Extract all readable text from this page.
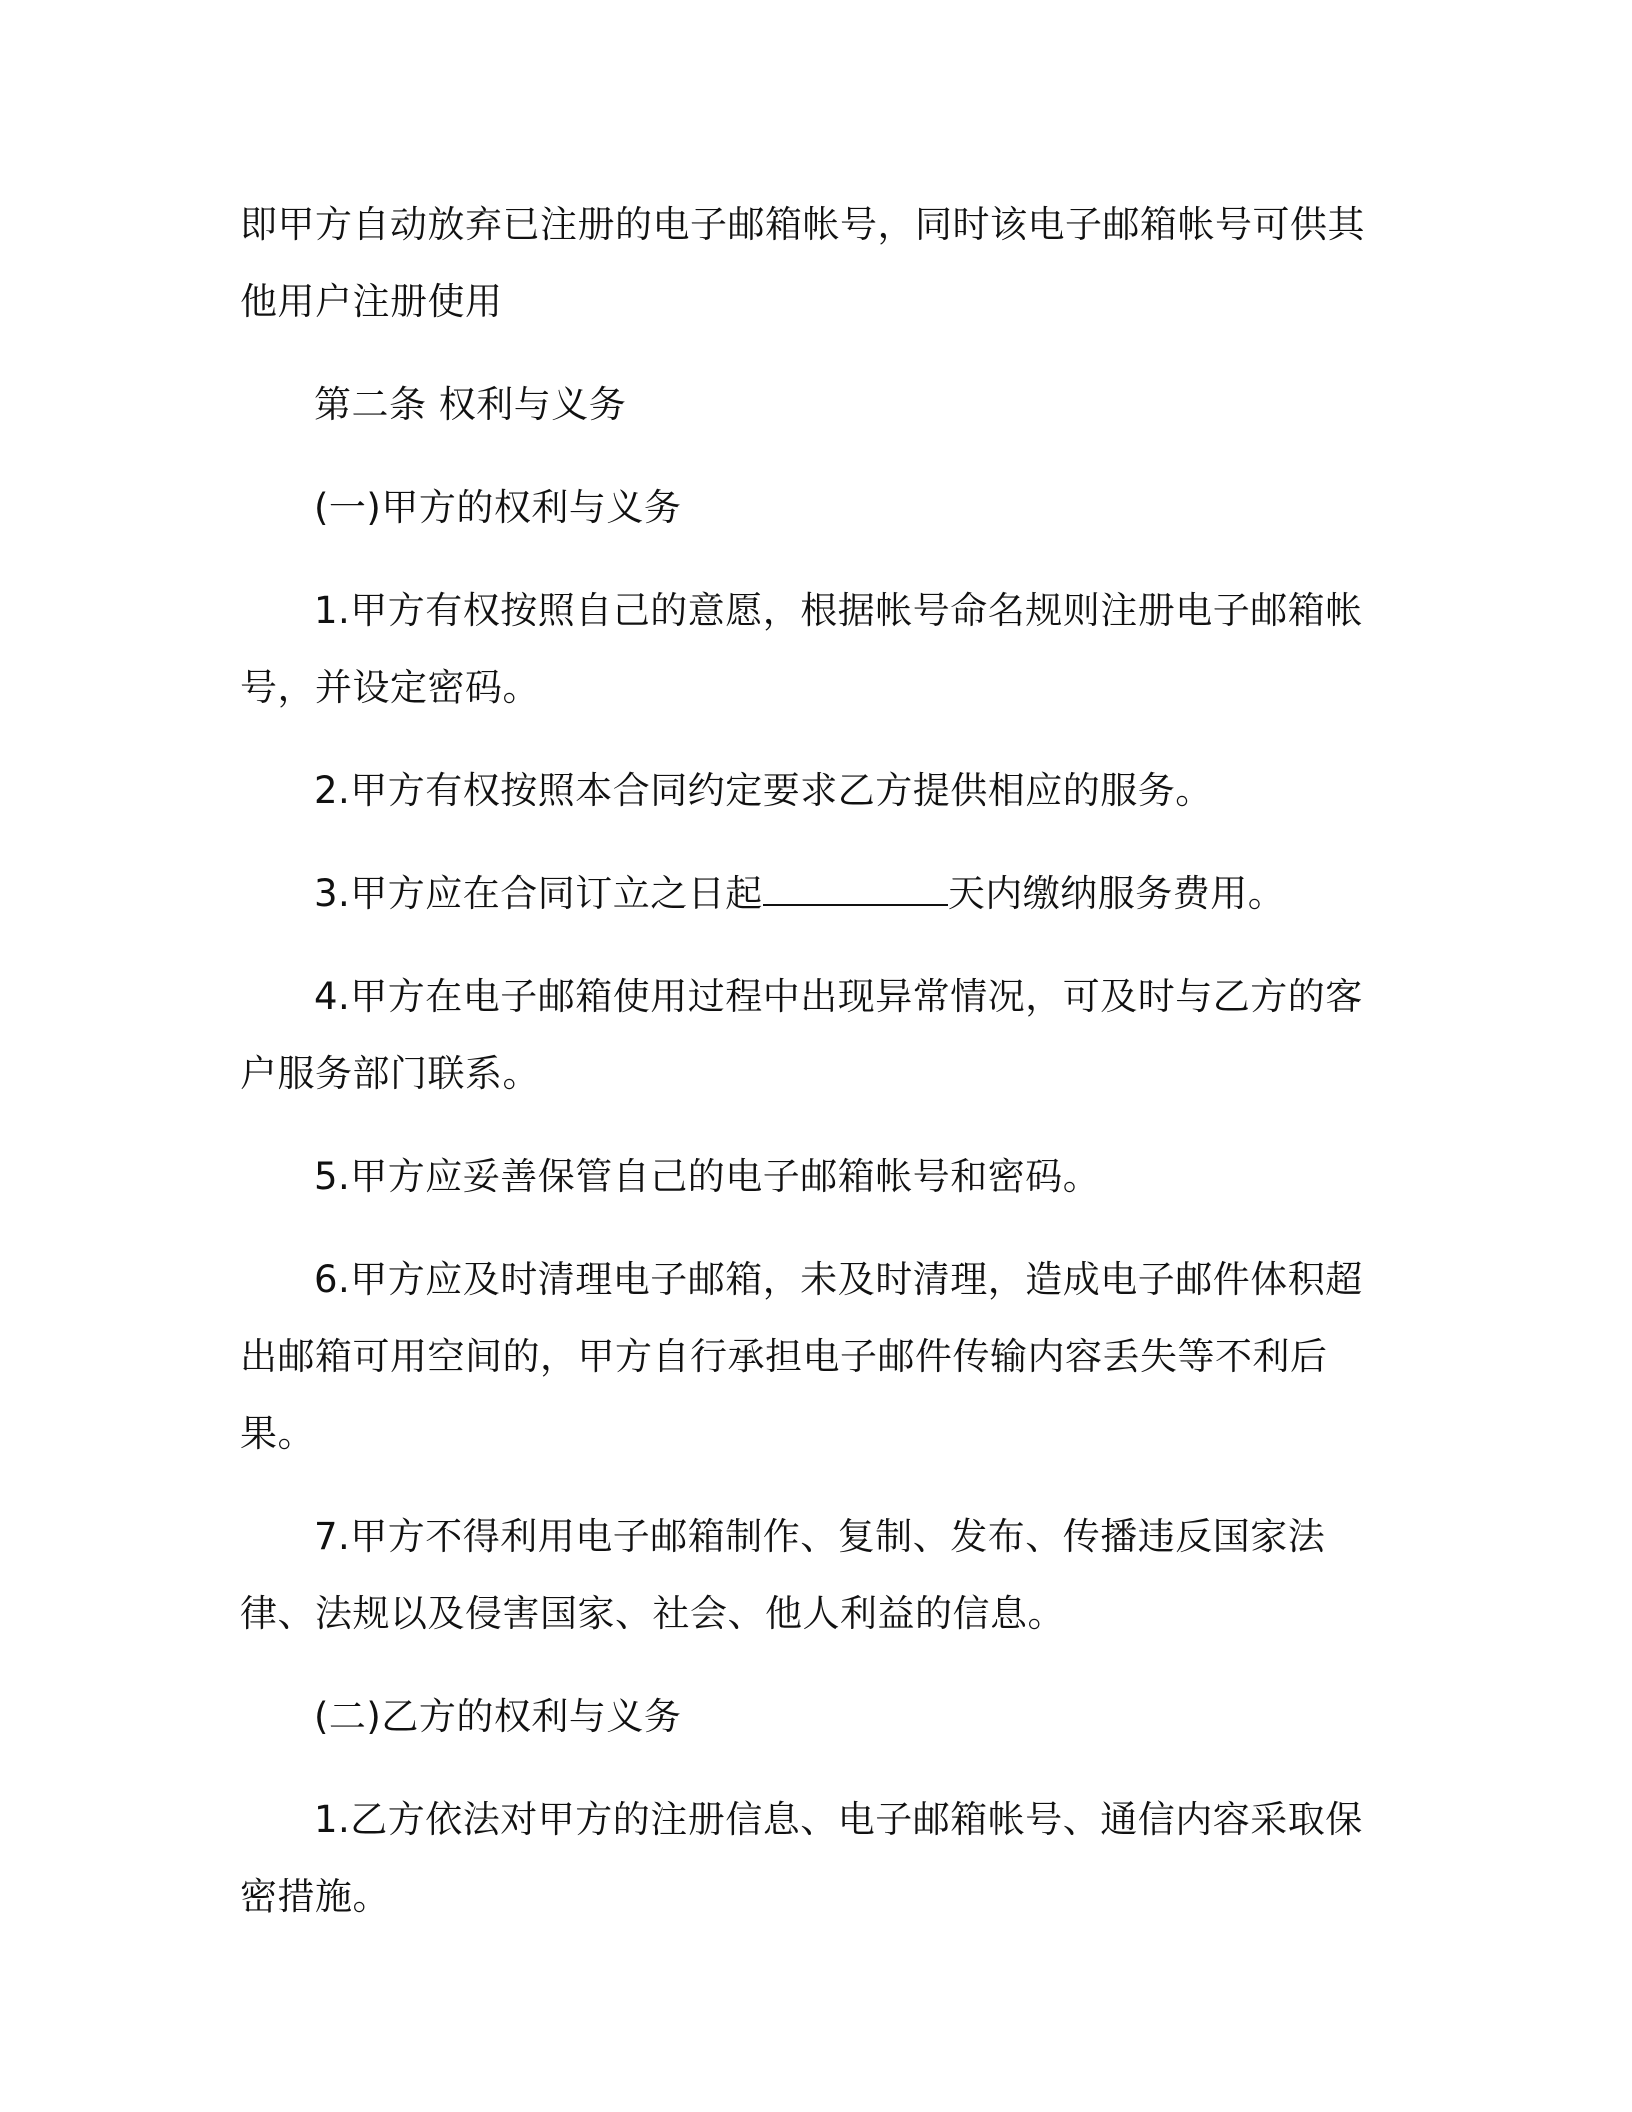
即甲方自动放弃已注册的电子邮箱帐号，同时该电子邮箱帐号可供其他用户注册使用

第二条 权利与义务

(一)甲方的权利与义务

1.甲方有权按照自己的意愿，根据帐号命名规则注册电子邮箱帐号，并设定密码。

2.甲方有权按照本合同约定要求乙方提供相应的服务。

3.甲方应在合同订立之日起	天内缴纳服务费用。

4.甲方在电子邮箱使用过程中出现异常情况，可及时与乙方的客户服务部门联系。

5.甲方应妥善保管自己的电子邮箱帐号和密码。

6.甲方应及时清理电子邮箱，未及时清理，造成电子邮件体积超出邮箱可用空间的，甲方自行承担电子邮件传输内容丢失等不利后果。

7.甲方不得利用电子邮箱制作、复制、发布、传播违反国家法律、法规以及侵害国家、社会、他人利益的信息。

(二)乙方的权利与义务

1.乙方依法对甲方的注册信息、电子邮箱帐号、通信内容采取保密措施。
